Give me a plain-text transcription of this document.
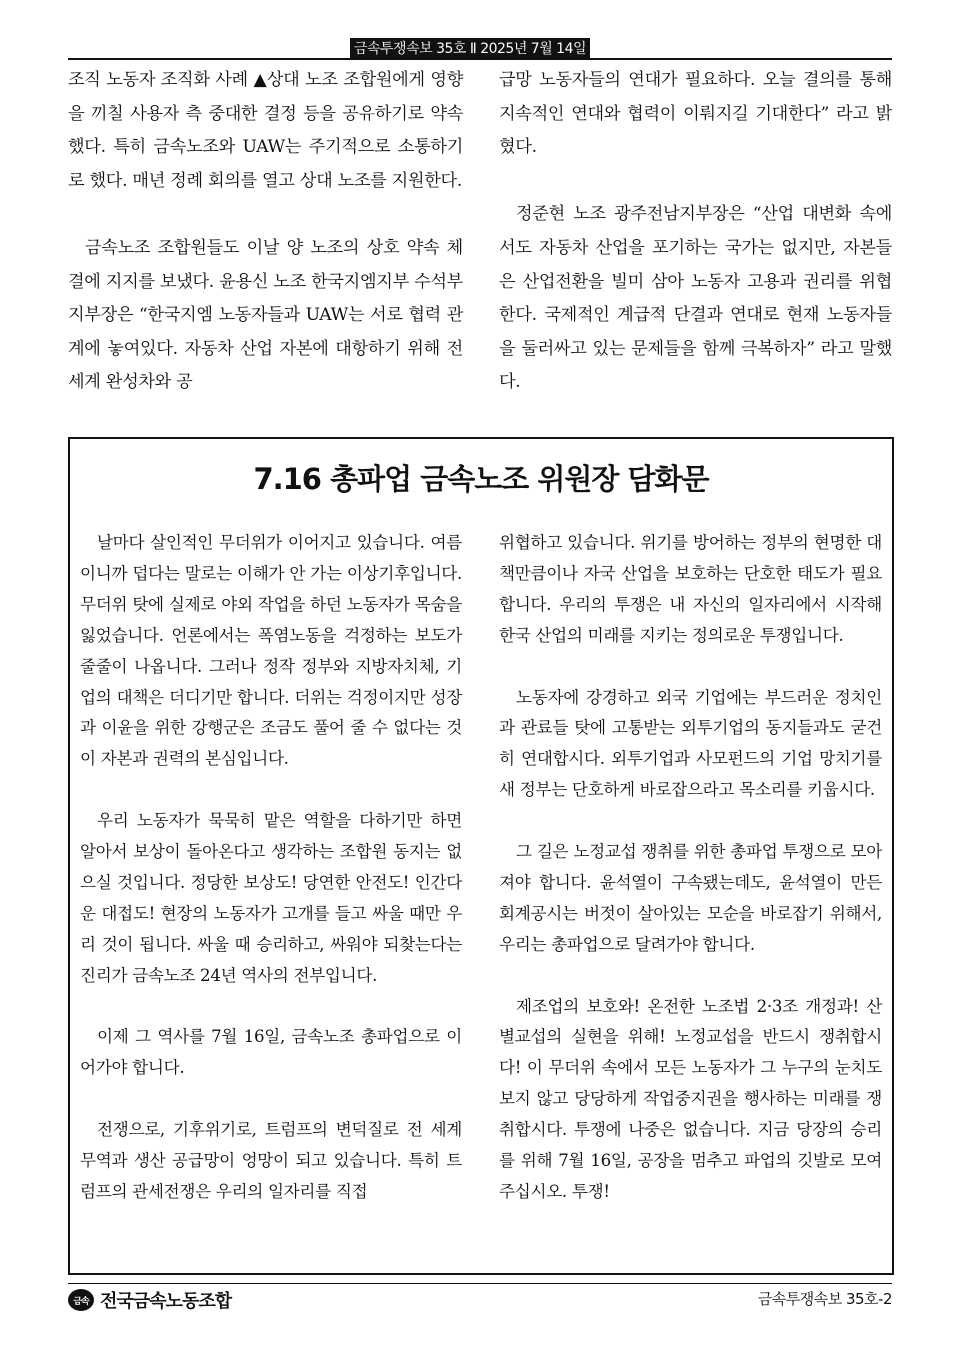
금속투쟁속보 35호 Ⅱ 2025년 7월 14일

조직 노동자 조직화 사례 ▲상대 노조 조합원에게 영향을 끼칠 사용자 측 중대한 결정 등을 공유하기로 약속했다. 특히 금속노조와 UAW는 주기적으로 소통하기로 했다. 매년 정례 회의를 열고 상대 노조를 지원한다.

금속노조 조합원들도 이날 양 노조의 상호 약속 체결에 지지를 보냈다. 윤용신 노조 한국지엠지부 수석부지부장은 “한국지엠 노동자들과 UAW는 서로 협력 관계에 놓여있다. 자동차 산업 자본에 대항하기 위해 전 세계 완성차와 공

급망 노동자들의 연대가 필요하다. 오늘 결의를 통해 지속적인 연대와 협력이 이뤄지길 기대한다” 라고 밝혔다.

정준현 노조 광주전남지부장은 “산업 대변화 속에서도 자동차 산업을 포기하는 국가는 없지만, 자본들은 산업전환을 빌미 삼아 노동자 고용과 권리를 위협한다. 국제적인 계급적 단결과 연대로 현재 노동자들을 둘러싸고 있는 문제들을 함께 극복하자” 라고 말했다.

7.16 총파업 금속노조 위원장 담화문

날마다 살인적인 무더위가 이어지고 있습니다. 여름이니까 덥다는 말로는 이해가 안 가는 이상기후입니다. 무더위 탓에 실제로 야외 작업을 하던 노동자가 목숨을 잃었습니다. 언론에서는 폭염노동을 걱정하는 보도가 줄줄이 나옵니다. 그러나 정작 정부와 지방자치체, 기업의 대책은 더디기만 합니다. 더위는 걱정이지만 성장과 이윤을 위한 강행군은 조금도 풀어 줄 수 없다는 것이 자본과 권력의 본심입니다.

우리 노동자가 묵묵히 맡은 역할을 다하기만 하면 알아서 보상이 돌아온다고 생각하는 조합원 동지는 없으실 것입니다. 정당한 보상도! 당연한 안전도! 인간다운 대접도! 현장의 노동자가 고개를 들고 싸울 때만 우리 것이 됩니다. 싸울 때 승리하고, 싸워야 되찾는다는 진리가 금속노조 24년 역사의 전부입니다.

이제 그 역사를 7월 16일, 금속노조 총파업으로 이어가야 합니다.

전쟁으로, 기후위기로, 트럼프의 변덕질로 전 세계 무역과 생산 공급망이 엉망이 되고 있습니다. 특히 트럼프의 관세전쟁은 우리의 일자리를 직접

위협하고 있습니다. 위기를 방어하는 정부의 현명한 대책만큼이나 자국 산업을 보호하는 단호한 태도가 필요합니다. 우리의 투쟁은 내 자신의 일자리에서 시작해 한국 산업의 미래를 지키는 정의로운 투쟁입니다.

노동자에 강경하고 외국 기업에는 부드러운 정치인과 관료들 탓에 고통받는 외투기업의 동지들과도 굳건히 연대합시다. 외투기업과 사모펀드의 기업 망치기를 새 정부는 단호하게 바로잡으라고 목소리를 키웁시다.

그 길은 노정교섭 쟁취를 위한 총파업 투쟁으로 모아져야 합니다. 윤석열이 구속됐는데도, 윤석열이 만든 회계공시는 버젓이 살아있는 모순을 바로잡기 위해서, 우리는 총파업으로 달려가야 합니다.

제조업의 보호와! 온전한 노조법 2·3조 개정과! 산별교섭의 실현을 위해! 노정교섭을 반드시 쟁취합시다! 이 무더위 속에서 모든 노동자가 그 누구의 눈치도 보지 않고 당당하게 작업중지권을 행사하는 미래를 쟁취합시다. 투쟁에 나중은 없습니다. 지금 당장의 승리를 위해 7월 16일, 공장을 멈추고 파업의 깃발로 모여 주십시오. 투쟁!

금속 전국금속노동조합	금속투쟁속보 35호-2
